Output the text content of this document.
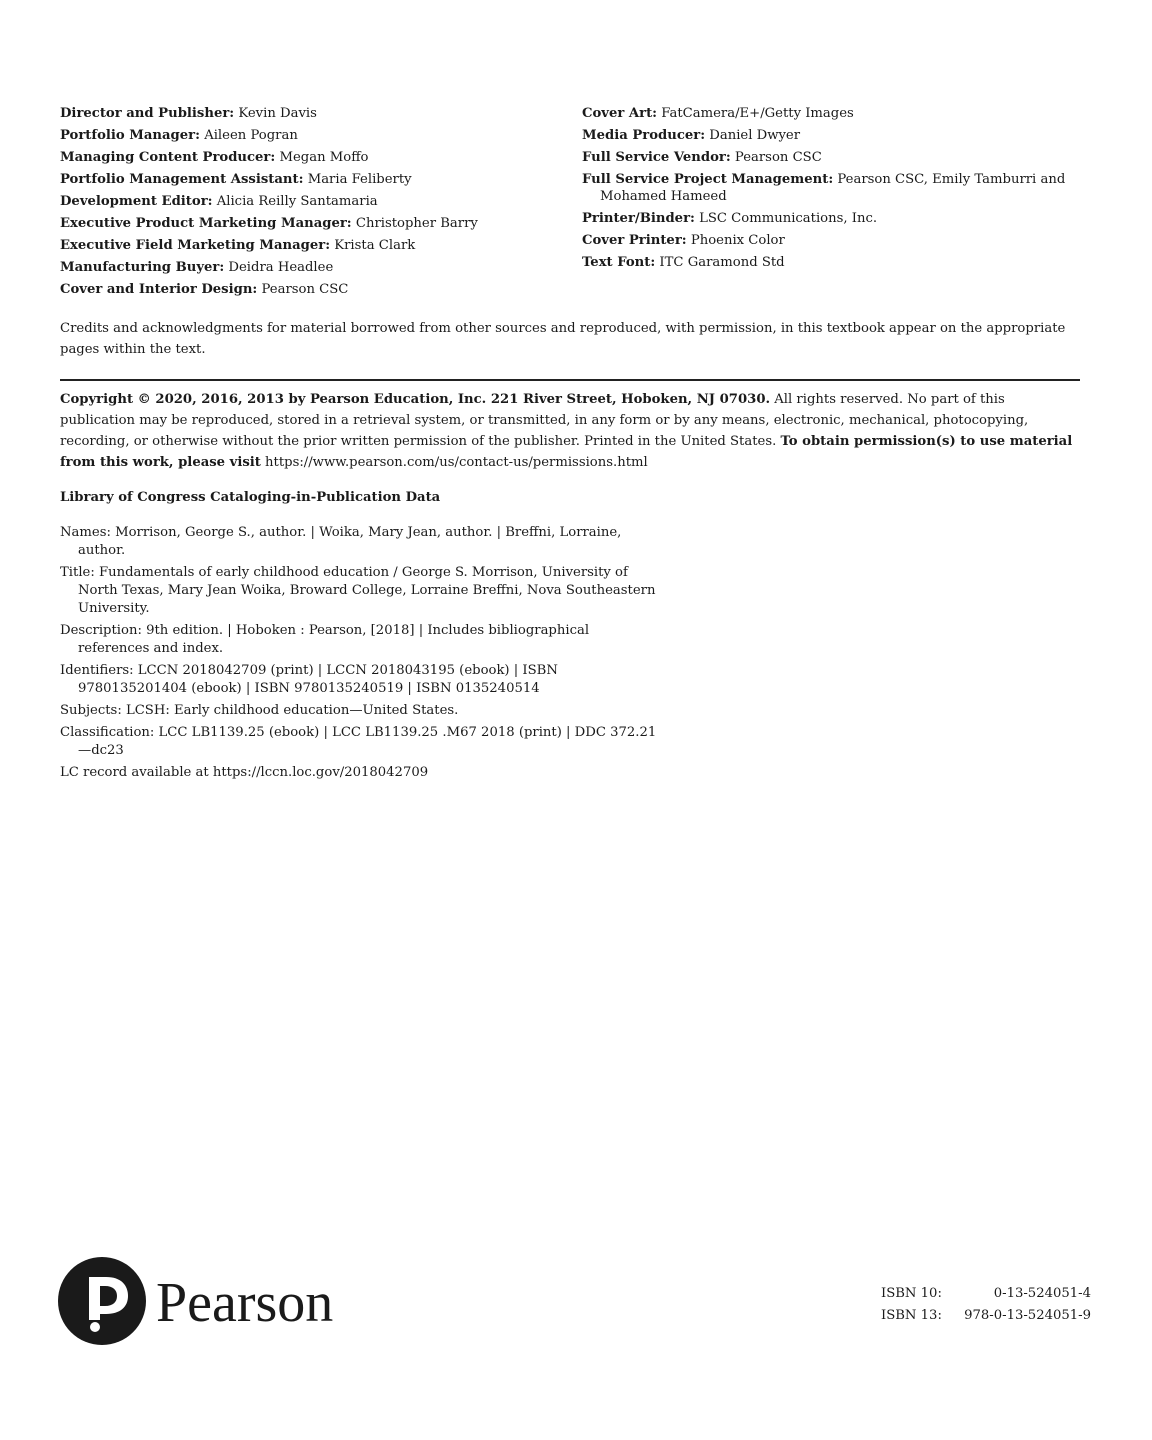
Director and Publisher: Kevin Davis

Portfolio Manager: Aileen Pogran

Managing Content Producer: Megan Moffo

Portfolio Management Assistant: Maria Feliberty

Development Editor: Alicia Reilly Santamaria

Executive Product Marketing Manager: Christopher Barry

Executive Field Marketing Manager: Krista Clark

Manufacturing Buyer: Deidra Headlee

Cover and Interior Design: Pearson CSC

Cover Art: FatCamera/E+/Getty Images

Media Producer: Daniel Dwyer

Full Service Vendor: Pearson CSC

Full Service Project Management: Pearson CSC, Emily Tamburri and Mohamed Hameed

Printer/Binder: LSC Communications, Inc.

Cover Printer: Phoenix Color

Text Font: ITC Garamond Std

Credits and acknowledgments for material borrowed from other sources and reproduced, with permission, in this textbook appear on the appropriate pages within the text.
Copyright © 2020, 2016, 2013 by Pearson Education, Inc. 221 River Street, Hoboken, NJ 07030. All rights reserved. No part of this publication may be reproduced, stored in a retrieval system, or transmitted, in any form or by any means, electronic, mechanical, photocopying, recording, or otherwise without the prior written permission of the publisher. Printed in the United States. To obtain permission(s) to use material from this work, please visit https://www.pearson.com/us/contact-us/permissions.html
Library of Congress Cataloging-in-Publication Data
Names: Morrison, George S., author. | Woika, Mary Jean, author. | Breffni, Lorraine, author.
Title: Fundamentals of early childhood education / George S. Morrison, University of North Texas, Mary Jean Woika, Broward College, Lorraine Breffni, Nova Southeastern University.
Description: 9th edition. | Hoboken : Pearson, [2018] | Includes bibliographical references and index.
Identifiers: LCCN 2018042709 (print) | LCCN 2018043195 (ebook) | ISBN 9780135201404 (ebook) | ISBN 9780135240519 | ISBN 0135240514
Subjects: LCSH: Early childhood education—United States.
Classification: LCC LB1139.25 (ebook) | LCC LB1139.25 .M67 2018 (print) | DDC 372.21—dc23
LC record available at https://lccn.loc.gov/2018042709
Pearson	ISBN 10:	0-13-524051-4
ISBN 13:	978-0-13-524051-9
